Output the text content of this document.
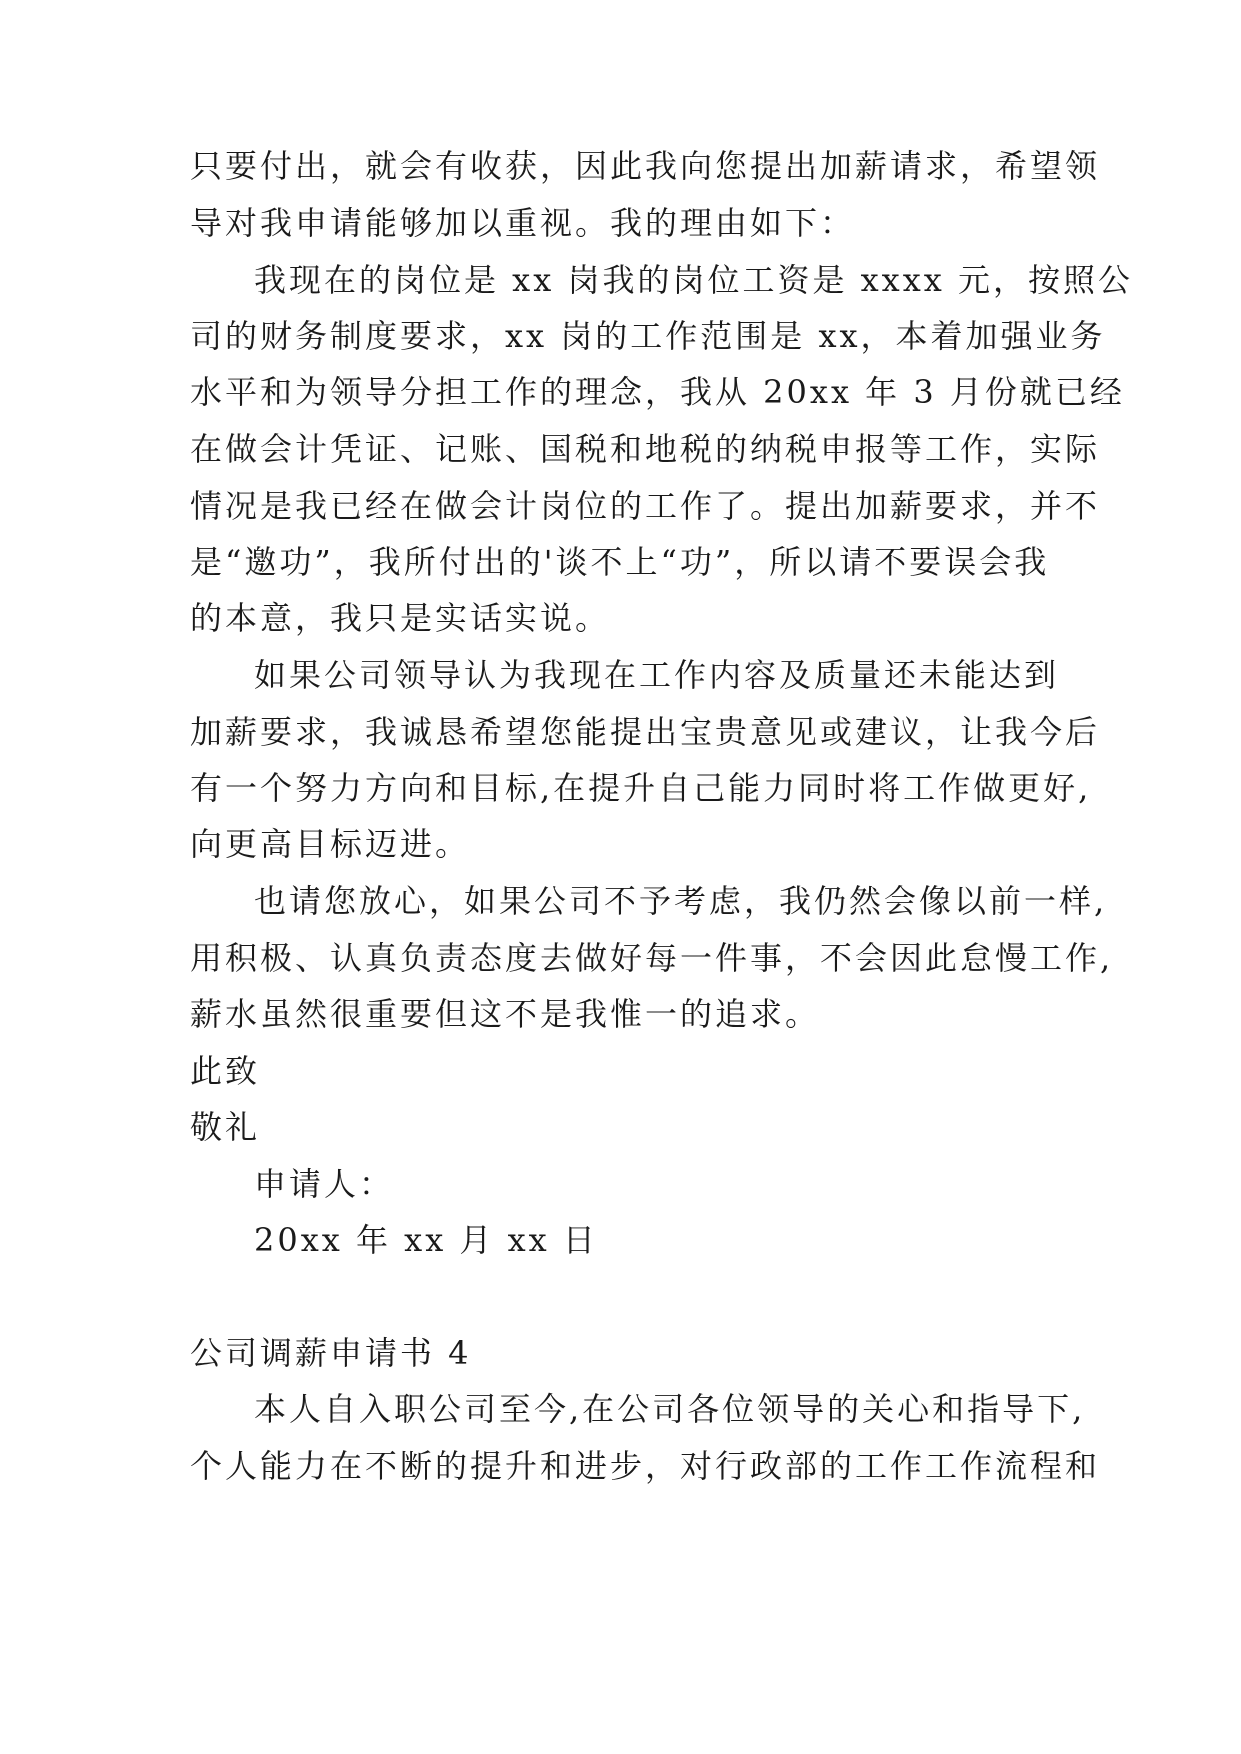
只要付出，就会有收获，因此我向您提出加薪请求，希望领
导对我申请能够加以重视。我的理由如下：
我现在的岗位是 xx 岗我的岗位工资是 xxxx 元，按照公
司的财务制度要求，xx 岗的工作范围是 xx，本着加强业务
水平和为领导分担工作的理念，我从 20xx 年 3 月份就已经
在做会计凭证、记账、国税和地税的纳税申报等工作，实际
情况是我已经在做会计岗位的工作了。提出加薪要求，并不
是“邀功”，我所付出的'谈不上“功”，所以请不要误会我
的本意，我只是实话实说。
如果公司领导认为我现在工作内容及质量还未能达到
加薪要求，我诚恳希望您能提出宝贵意见或建议，让我今后
有一个努力方向和目标,在提升自己能力同时将工作做更好,
向更高目标迈进。
也请您放心，如果公司不予考虑，我仍然会像以前一样,
用积极、认真负责态度去做好每一件事，不会因此怠慢工作,
薪水虽然很重要但这不是我惟一的追求。
此致
敬礼
申请人：
20xx 年 xx 月 xx 日
公司调薪申请书 4
本人自入职公司至今,在公司各位领导的关心和指导下,
个人能力在不断的提升和进步，对行政部的工作工作流程和
